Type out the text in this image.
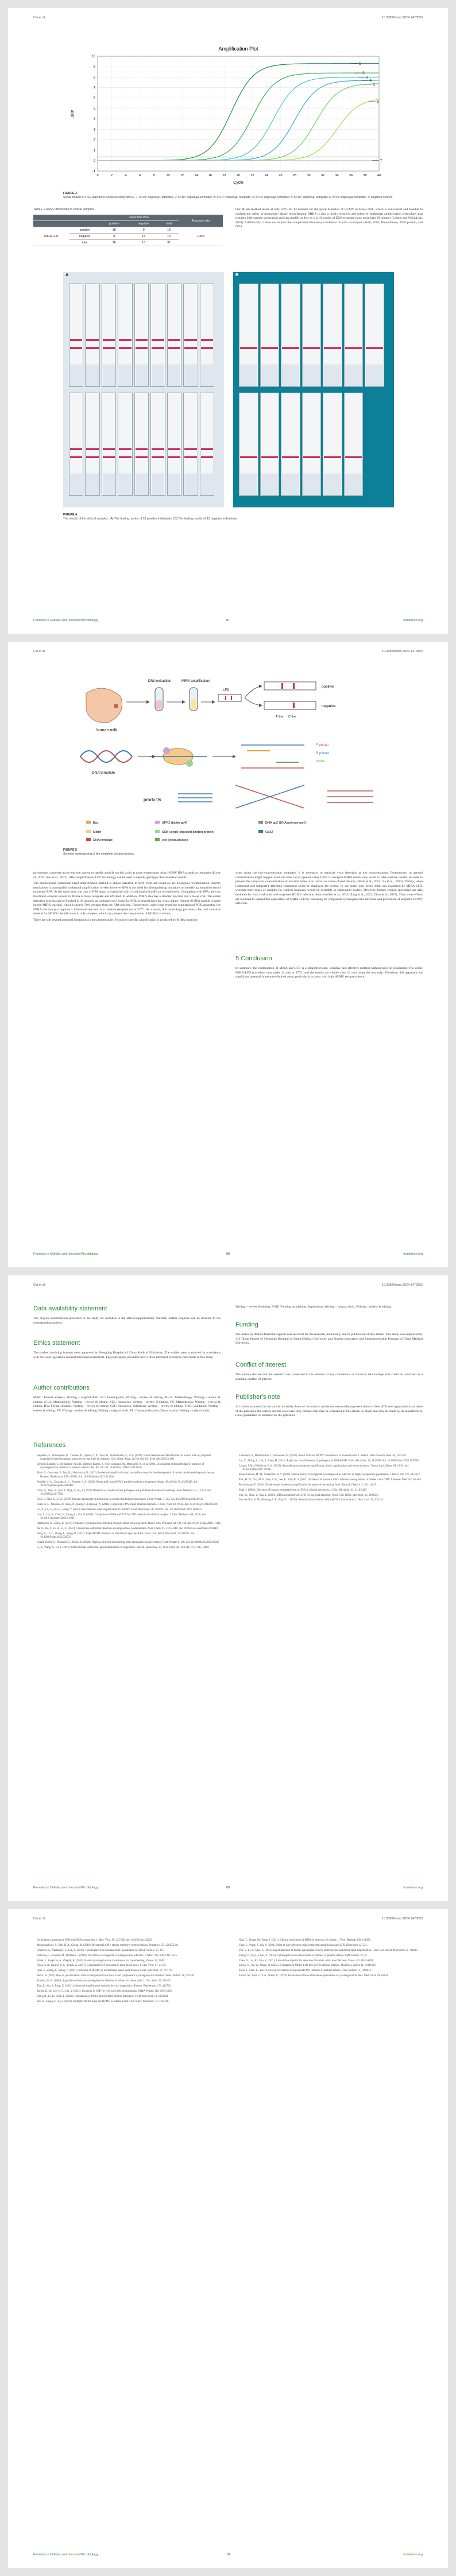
Cai et al.	10.3389/fcimb.2024.1470553
Amplification Plot
-1
0
1
2
3
4
5
6
7
8
9
10
0	2	4	6	8	10	12	14	16	18	20	22	24	26	28	30	32	34	36	38	40
Cycle
ΔRn
1
2
3
4
5
6
7
FIGURE 3
Serial dilution of HSV plasmid DNA detected by qPCR. 1: 5×10⁶ copies/µL template; 2: 5×10⁵ copies/µL template; 3: 5×10⁴ copies/µL template; 4: 5×10³ copies/µL template; 5: 5×10² copies/µL template; 6: 5×10¹ copies/µL template; 7: negative control.
TABLE 1 HCMV detections in clinical samples.
		Real-time PCR			Accuracy rate
		positive	negative	total	
MIRA-LFD	positive	18	0	18	100%
	negative	0	13	13	
	total	18	13	31	

Our MIRA method reacts at only 37°C for 12 minutes for the quick detection of HCMV in breast milk, which is convenient and feasible to confirm the safety of premature infants' breastfeeding. MIRA is also a highly sensitive and selective isothermal amplification technology that requires little sample preparation and can amplify as few as 1 to 10 copies of DNA template in no more than 20 minutes (Lobato and O'Sullivan, 2018). Additionally, it does not require the complicated laboratory conditions of prior techniques (Shah, 2004; Ricombinase, 2020 protein, and DNA

A	B
FIGURE 4
The results of the clinical samples. (A) The testing results of 18 positive individuals. (B) The testing results of 13 negative individuals.
Frontiers in Cellular and Infection Microbiology	07	frontiersin.org
Cai et al.	10.3389/fcimb.2024.1470553
human milk
DNA extraction	MIRA amplification
LFD
positive
negative
C line
T line
DNA template
F primer
R primer
probe
products
Bsu	SPR2 (biotin-gp4)	DNA gp2 (DNA polymerase I)
Mildin	SSB (single-stranded binding protein)	Gp32
DNA template	exo (exonuclease)
FIGURE 5
Scheme summarizing of the complete testing process.

polymerase cooperate in the reaction system to rapidly amplify nucleic acids at room temperature using HCMV DNA strands as templates (Liu et al., 2023; Sun et al., 2023). After amplification, LFD technology can be used to rapidly genotype clear detection results.

The multienzyme isothermal rapid amplification method is almost identical to RPA; both are based on the biological recombination enzyme mechanism to accomplish isothermal amplification or else; however RPA is not ideal for distinguishing mutations or identifying mutations based on nested RPA. At the same time, the cost of RPA assay is expensive which could make it difficult to implement. Comparing with RPA, the cost functional enzyme system in MIRA is more complete and efficient. In addition, MIRA also has a steadier reaction and a lower cost. The entire detection process can be finished in 30 minutes as compared to 2 hours for PCR or several days for virus culture. Almost 96 RPA sample is spent on the MIRA reaction, which is nearly 50% cheaper than the RPA reaction. Furthermore, rather than requiring sophisticated PCR apparatus, the MIRA reaction just requires a 15-minute reaction at a constant temperature of 37°C. As a result, this technology provides a fast and sensitive method for HCMV identification in milk samples, which can prevent the transmission of HCMV to infants.

There are still several potential limitations in the present study. First, non-specific amplification is produced by MIRA reactions

when using the low-concentration templates. It is necessary to optimize virus detection at low concentrations. Furthermore, as aerosol contamination might happen when the tube cap is opened, using LFDs to interpret MIRA results may result in false positive results. In order to prevent the carry-over contamination of reaction tubes, it is crucial to create closed devices (Bhati et al., 2022; Jia et al., 2023). Thirdly, when isothermal and integrated detecting equipment could be employed for testing. In our study, only breast milk was examined by MIRA-LFD, whereas other types of samples for clinical diagnosis would be desirable in subsequent studies. However, further clinical specimens are also desirable for both confirmed and suspected HCMV infection detection (Wu et al., 2023; Jiang et al., 2022; Zhou et al., 2023). Thus, more efforts are required to expand this application of MIRA-LFD by screening for congenital cytomegalovirus infection and prevention of acquired HCMV infection.

5 Conclusion

In summary, the combination of MIRA and LFD is a straightforward, sensitive and effective method without specific equipment. The whole MIRA-LFD procedure only takes 12 min at 37°C, and the results are visible after 10 min using the test strip. Therefore, this approach has significant potential in resource-limited areas, particularly in areas with high HCMV seroprevalence.

Frontiers in Cellular and Infection Microbiology	08	frontiersin.org
Cai et al.	10.3389/fcimb.2024.1470553
Data availability statement

The original contributions presented in the study are included in the article/supplementary material; further inquiries can be directed to the corresponding authors.

Ethics statement

The studies involving humans were approved by Shengjing Hospital of China Medical University. The studies were conducted in accordance with the local legislation and institutional requirements. The participants provided their written informed consent to participate in this study.

Author contributions

M-HC: Formal analysis, Writing – original draft. XG: Investigation, Writing – review & editing. M-LR: Methodology, Writing – review & editing. JJ-LL: Methodology, Writing – review & editing. XZL: Resources, Writing – review & editing. YG: Methodology, Writing – review & editing. DW: Formal analysis, Writing – review & editing. CSF: Resources, Validation, Writing – review & editing. Y-ZC: Validation, Writing – review & editing. FT: Writing – review & editing, Writing – original draft. TL: Conceptualization, Data curation, Writing – original draft,

Writing – review & editing. T-QF: Funding acquisition, Supervision, Writing – original draft, Writing – review & editing.

Funding

The author(s) declare financial support was received for the research, authorship, and/or publication of this article. This study was supported by 345 Talent Project of Shengjing Hospital of China Medical University and Student Innovation and Entrepreneurship Program of China Medical University.

Conflict of interest

The authors declare that the research was conducted in the absence of any commercial or financial relationships that could be construed as a potential conflict of interest.

Publisher's note

All claims expressed in this article are solely those of the authors and do not necessarily represent those of their affiliated organizations, or those of the publisher, the editors and the reviewers. Any product that may be evaluated in this article, or claim that may be made by its manufacturer, is not guaranteed or endorsed by the publisher.

References

Bajpalkar, S., Shinnapadu, K., Thomas, M., Symer, C. P., Ghos, D., Shashikumar, S., et al. (2022). Visual detection and identification of human milk by proposed quantitative high-throughput protocols on real scale-up isolation. Clin. Infect. Asian. 28:5-8. doi: 10.1016/j.cidi.2022.01.001

Bermejo-Lourido, S., Hernandez-Vara, R., Jiménez-Ramos, J., Arce-Gonzalez, M., Mascarelli, A., et al. (2021). Assessment of breastfeeding in presence of cytomegalovirus infection in preterm. Pediatr. Res. 89, 1-8. doi: 10.1038/s41390-021-01423-6

Bhati, S., Goswamy, P., Jain, K., Shrivastava, R. (2022). Isothermal amplification and lateral-flow assay for the development of nucleic acid-based diagnostic assays. Biosens. Bioelectron. 195, 113604. doi: 10.1016/j.bios.2022.113604

Bomfim, S. A., Gonzaga, A. C., Ferreira, C. A. (2020). Breast milk from HCMV positive mothers with preterm infants. PLoS One 15, e0230468. doi: 10.1371/journal.pone.0230468

Chen, H., Zhao, Z., Sun, J., Tang, J., Liu, Y. (2023). Detection of coastal nuclear pathogens using MIRA in low-resource settings. Anal. Methods 15, 112-121. doi: 10.1039/d2ay01778a

Dick, J., Qian, Y., Li, X. (2019). Human cytomegalovirus infection in breast-milk fed preterm infants. Front. Pediatr. 7, 112. doi: 10.3389/fped.2019.00112

Dunn, A. L., Stephens, P., Shaw, N., Hardy, J., Ferguson, W. (2016). Congenital CMV: rapid detection methods. J. Clin. Virol. 83, 39-45. doi: 10.1016/j.jcv.2016.08.301

Gu, X., Lu, C., Liu, H., Wang, Y. (2023). Recombinase aided amplification for HCMV. Front. Microbiol. 14, 1128731. doi: 10.3389/fmicb.2023.1128731

Guo, S., Lin, X., Chen, Y., Zhang, L., Liu, H. (2019). Comparison of RPA and PCR for CMV detection in clinical samples. J. Virol. Methods 268, 32-38. doi: 10.1016/j.jviromet.2019.01.003

Hamprecht, K., Goelz, R. (2017). Postnatal cytomegalovirus infection through human milk in preterm infants. Clin. Perinatol. 44, 121-130. doi: 10.1016/j.clp.2016.11.012

Jia, X., Hu, Y., Li, H., Li, Z. (2023). Closed-tube isothermal detection avoiding aerosol contamination. Anal. Chem. 95, 2103-2110. doi: 10.1021/acs.analchem.2c04418

Jiang, B., Li, T., Zhang, L., Wang, R. (2022). Rapid HCMV detection in dried blood spots by RAA. Front. Cell. Infect. Microbiol. 12, 921035. doi: 10.3389/fcimb.2022.921035

Kurath-Koller, S., Neubauer, C., Resch, B. (2020). Hygiene of breast milk feeding and cytomegalovirus prevention. Front. Pediatr. 8, 586. doi: 10.3389/fped.2020.00586

Li, R., Wang, X., Lu, J. (2022). Multi-enzyme isothermal rapid amplification in diagnostics. Microb. Biotechnol. 15, 1812-1820. doi: 10.1111/1751-7915.14001

Lisiewska, S., Mandemaker, J., Verhoeven, M. (2023). Breast milk and HCMV transmission in neonatal units. J. Matern. Fetal Neonatal Med. 36, 2143210.

Liu, Y., Zhang, Z., Liu, S., Chen, H. (2023). Rapid and visual detection of pathogens by MIRA-LFD. Front. Microbiol. 14, 1120583. doi: 10.3389/fmicb.2023.1120583

Lobato, I. M., O'Sullivan, C. K. (2018). Recombinase polymerase amplification: basics, applications and recent advances. Trends Anal. Chem. 98, 19-35. doi: 10.1016/j.trac.2017.10.015

Mussi-Pinhata, M. M., Yamamoto, A. Y. (2020). Natural history of congenital cytomegalovirus infection in highly seropositive populations. J. Infect. Dis. 221, S15-S22.

Park, H. W., Cho, M. H., Bae, S. H., Lee, R., Kim, K. S. (2021). Incidence of postnatal CMV infection among infants of mothers with CMV. J. Korean Med. Sci. 36, e84.

Ricombinase, F. (2020). Protein-based isothermal amplification for point-of-care testing. Anal. Bioanal. Chem. 412, 4211-4219.

Shah, J. (2004). Detection of human cytomegalovirus by PCR in clinical specimens. J. Clin. Microbiol. 42, 2410-2417.

Sun, M., Zhao, Y., Hao, L. (2023). MIRA combined with LFD for fast viral detection. Front. Cell. Infect. Microbiol. 13, 1109321.

Van den Bos, R. M., Henning, S. P., Waal, F. J. (2019). Pasteurization of donor milk and CMV inactivation. J. Hum. Lact. 35, 104-112.

Frontiers in Cellular and Infection Microbiology	09	frontiersin.org
Cai et al.	10.3389/fcimb.2024.1470553

for multiplex quantitative PCR and qPCR comparison. J. Med. Virol. 89, 322-329. doi: 10.1002/jmv.24622

Mukhopadhyay, S., Bell, D. A., Cheng, M. (2016). Breast milk CMV among extremely preterm infants. Pediatrics 137, e20152546.

Omarova, A., Nurbakhyt, S., Lee, B. (2018). Cytomegalovirus in human milk: quantitation by qPCR. Virol. J. 15, 171.

Pathirana, J., Groome, M., Dorfman, J. (2019). Prevalence of congenital cytomegalovirus infection. J. Infect. Dis. 220, 1417-1425.

Piatek, J., Kasprzak, A., Olejnik, K. (2020). Human cytomegalovirus transmission via breastfeeding. Viruses 12, 1240.

Prusa, A. R., Kasper, D. C., Pollak, A. (2017). Congenital CMV screening in dried blood spots. J. Clin. Virol. 87, 24-29.

Qian, S., Zhang, L., Wang, Y. (2021). Detection of HCMV by recombinase aided amplification. Front. Microbiol. 12, 707-715.

Resch, B. (2022). How to provide breast milk for the preterm infant and avoid symptomatic cytomegalovirus infection. Front. Pediatr. 10, 935436.

Schleiss, M. R. (2006). Acquisition of human cytomegalovirus infection in infants via breast milk. J. Clin. Virol. 35, 216-221.

Tian, L., Wu, J., Jiang, X. (2021). Isothermal amplification methods for viral diagnostics. Biosens. Bioelectron. 173, 112792.

Turner, K. M., Lee, H. C., Lin, Y. (2014). Incidence of CMV in very low birth weight infants. JAMA Pediatr. 168, 1054-1062.

Wang, H., Li, R., Chen, L. (2022). Comparison of MIRA and qPCR for clinical pathogens. Front. Microbiol. 13, 1062344.

Wu, X., Zhang, C., Li, S. (2023). Multiplex MIRA assay for HCMV in infants. Front. Cell. Infect. Microbiol. 13, 1192210.

Xiao, T., Zhang, M., Wang, J. (2021). Clinical application of MIRA in detection of viruses. J. Virol. Methods 290, 114063.

Yang, S., Wang, J., Liu, Y. (2022). Point-of-care detection using isothermal amplification and LFD. Biosensors 12, 521.

Yue, S., Li, Y., Qiao, Z. (2021). Rapid detection of human cytomegalovirus by multienzyme isothermal rapid amplification. Front. Cell. Infect. Microbiol. 11, 734208.

Zhang, Y., Li, Q., Chen, X. (2022). Cytomegalovirus in breast milk of mothers of preterm infants. BMC Pediatr. 22, 41.

Zhao, N., Liu, K., Guo, Y. (2021). Lateral flow dipstick for detection of nucleic acids. Anal. Bioanal. Chem. 413, 6831-6839.

Zheng, H., Xu, W., Wang, M. (2023). Evaluation of MIRA-LFD for CMV in clinical samples. Microbiol. Spectr. 11, e0321022.

Zhou, J., Chen, L., Yao, X. (2023). Prevention of acquired HCMV infection in preterm infants. Front. Pediatr. 11, 1109834.

Zuhair, M., Smit, G. S. A., Wallis, G. (2019). Estimation of the worldwide seroprevalence of cytomegalovirus. Rev. Med. Virol. 29, e2034.

Frontiers in Cellular and Infection Microbiology	10	frontiersin.org
